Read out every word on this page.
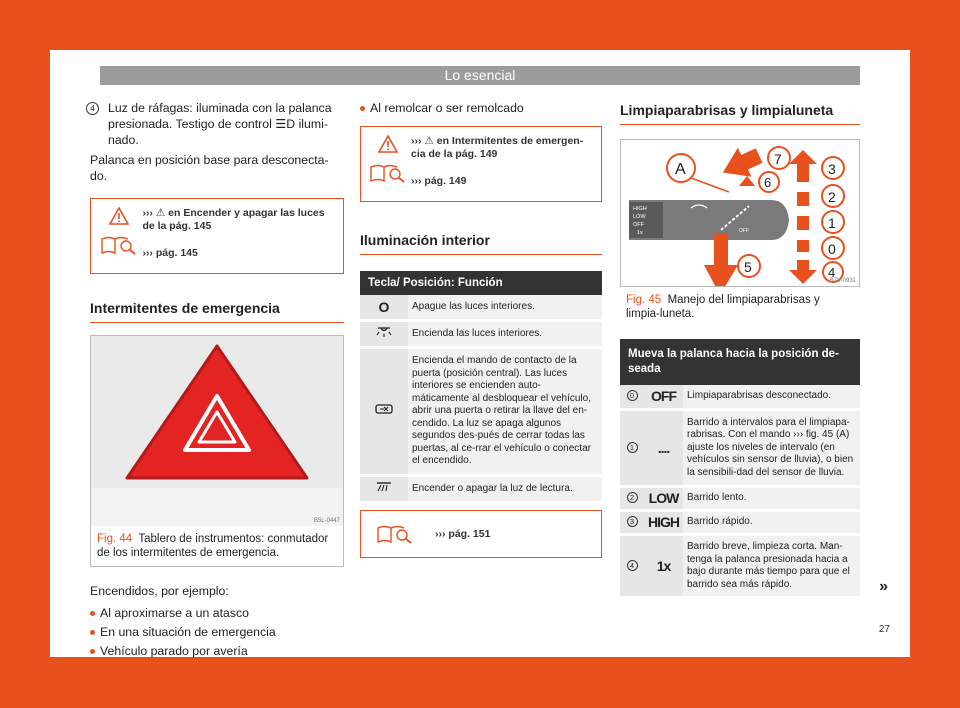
Lo esencial
4	Luz de ráfagas: iluminada con la palanca presionada. Testigo de control ☰D ilumi-nado.

Palanca en posición base para desconecta-do.

››› ⚠ en Encender y apagar las luces de la pág. 145
››› pág. 145
Intermitentes de emergencia
B5L-0447
Fig. 44 Tablero de instrumentos: conmutador de los intermitentes de emergencia.

Encendidos, por ejemplo:

Al aproximarse a un atasco
En una situación de emergencia
Vehículo parado por avería
Al remolcar o ser remolcado
››› ⚠ en Intermitentes de emergen-cia de la pág. 149
››› pág. 149
Iluminación interior
Tecla/ Posición: Función	
O	Apague las luces interiores.
	Encienda las luces interiores.
	Encienda el mando de contacto de la puerta (posición central). Las luces interiores se encienden auto-máticamente al desbloquear el vehículo, abrir una puerta o retirar la llave del en-cendido. La luz se apaga algunos segundos des-pués de cerrar todas las puertas, al ce-rrar el vehículo o conectar el encendido.
	Encender o apagar la luz de lectura.
››› pág. 151
Limpiaparabrisas y limpialuneta
HIGH
LOW
OFF
1x	OFF
A
7
6
5
3
2
1
0
4
B7V-0931
Fig. 45 Manejo del limpiaparabrisas y limpia-luneta.
Mueva la palanca hacia la posición de-seada		
0	OFF	Limpiaparabrisas desconectado.
1	....	Barrido a intervalos para el limpiapa-rabrisas. Con el mando ››› fig. 45 (A) ajuste los niveles de intervalo (en vehículos sin sensor de lluvia), o bien la sensibili-dad del sensor de lluvia.
2	LOW	Barrido lento.
3	HIGH	Barrido rápido.
4	1x	Barrido breve, limpieza corta. Man-tenga la palanca presionada hacia a bajo durante más tiempo para que el barrido sea más rápido.	»
27
